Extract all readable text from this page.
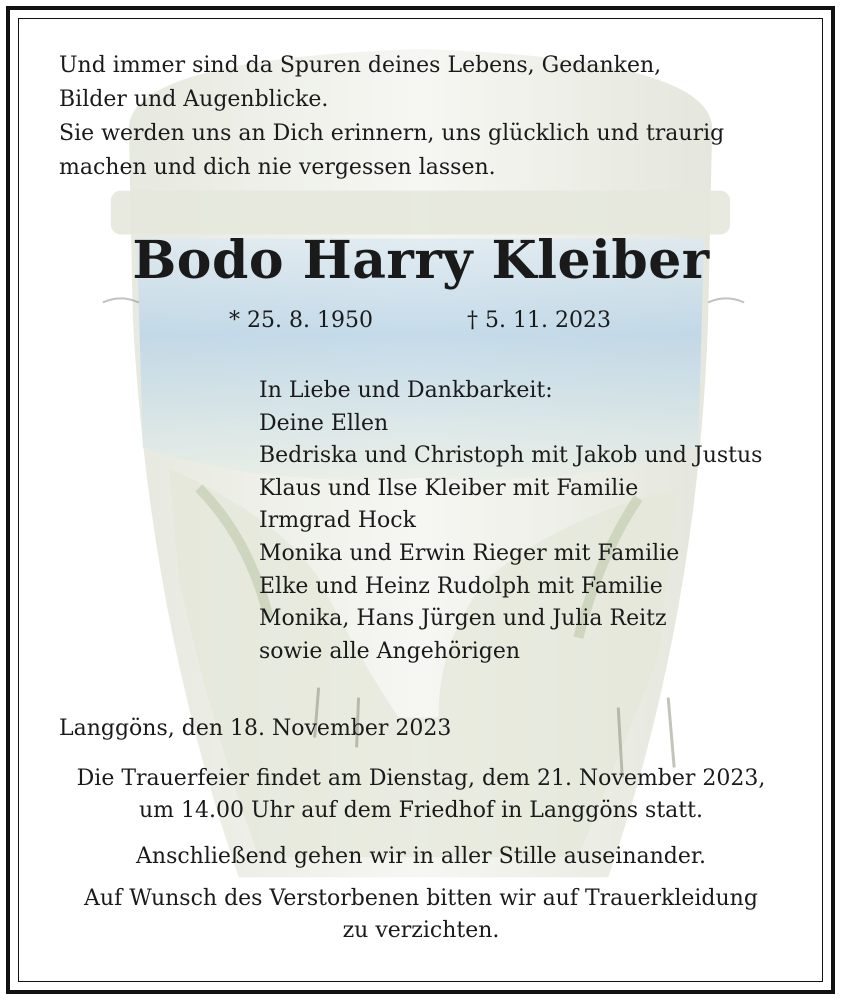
Und immer sind da Spuren deines Lebens, Gedanken,
Bilder und Augenblicke.
Sie werden uns an Dich erinnern, uns glücklich und traurig
machen und dich nie vergessen lassen.
Bodo Harry Kleiber
* 25. 8. 1950	† 5. 11. 2023
In Liebe und Dankbarkeit:
Deine Ellen
Bedriska und Christoph mit Jakob und Justus
Klaus und Ilse Kleiber mit Familie
Irmgrad Hock
Monika und Erwin Rieger mit Familie
Elke und Heinz Rudolph mit Familie
Monika, Hans Jürgen und Julia Reitz
sowie alle Angehörigen
Langgöns, den 18. November 2023
Die Trauerfeier findet am Dienstag, dem 21. November 2023,
um 14.00 Uhr auf dem Friedhof in Langgöns statt.
Anschließend gehen wir in aller Stille auseinander.
Auf Wunsch des Verstorbenen bitten wir auf Trauerkleidung
zu verzichten.
